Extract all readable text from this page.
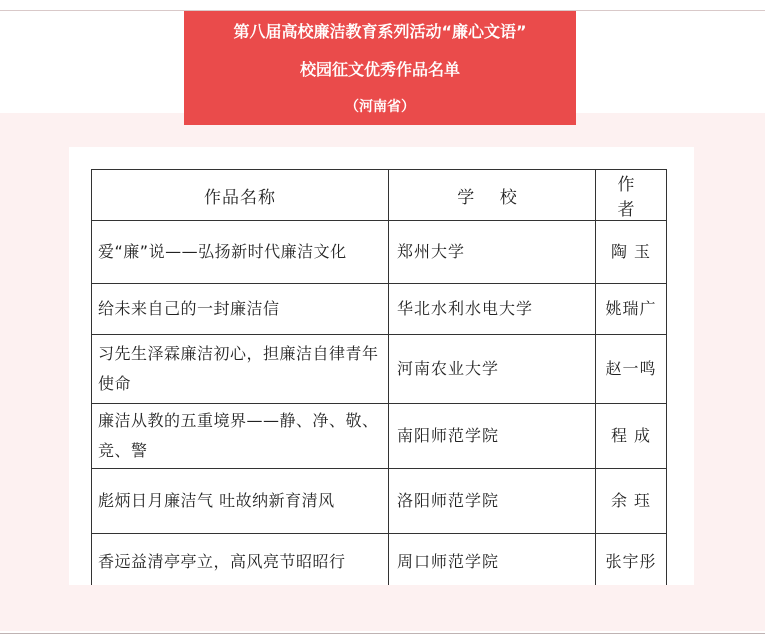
第八届高校廉洁教育系列活动“廉心文语”
校园征文优秀作品名单
（河南省）
作品名称	学 校	作 者
爱“廉”说——弘扬新时代廉洁文化	郑州大学	陶 玉
给未来自己的一封廉洁信	华北水利水电大学	姚瑞广
习先生泽霖廉洁初心，担廉洁自律青年使命	河南农业大学	赵一鸣
廉洁从教的五重境界——静、净、敬、竞、警	南阳师范学院	程 成
彪炳日月廉洁气 吐故纳新育清风	洛阳师范学院	余 珏
香远益清亭亭立，高风亮节昭昭行	周口师范学院	张宇彤
